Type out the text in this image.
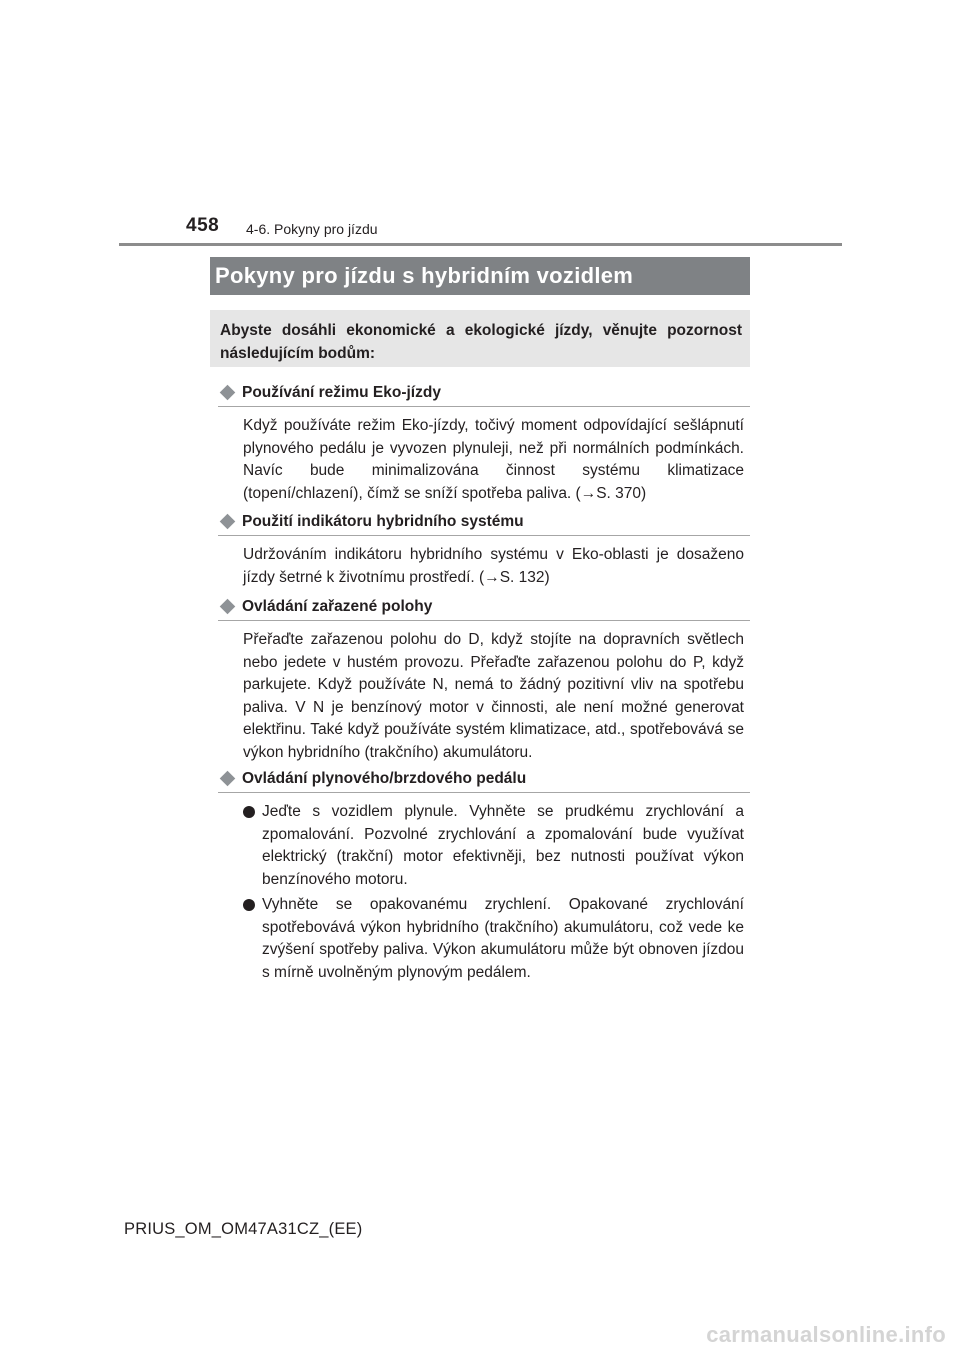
458 4-6. Pokyny pro jízdu
Pokyny pro jízdu s hybridním vozidlem

Abyste dosáhli ekonomické a ekologické jízdy, věnujte pozornost následujícím bodům:

Používání režimu Eko-jízdy

Když používáte režim Eko-jízdy, točivý moment odpovídající sešlápnutí plynového pedálu je vyvozen plynuleji, než při normálních podmínkách. Navíc bude minimalizována činnost systému klimatizace (topení/chlazení), čímž se sníží spotřeba paliva. (→S. 370)

Použití indikátoru hybridního systému

Udržováním indikátoru hybridního systému v Eko-oblasti je dosaženo jízdy šetrné k životnímu prostředí. (→S. 132)

Ovládání zařazené polohy

Přeřaďte zařazenou polohu do D, když stojíte na dopravních světlech nebo jedete v hustém provozu. Přeřaďte zařazenou polohu do P, když parkujete. Když používáte N, nemá to žádný pozitivní vliv na spotřebu paliva. V N je benzínový motor v činnosti, ale není možné generovat elektřinu. Také když používáte systém klimatizace, atd., spotřebovává se výkon hybridního (trakčního) akumulátoru.

Ovládání plynového/brzdového pedálu
Jeďte s vozidlem plynule. Vyhněte se prudkému zrychlování a zpomalování. Pozvolné zrychlování a zpomalování bude využívat elektrický (trakční) motor efektivněji, bez nutnosti používat výkon benzínového motoru.
Vyhněte se opakovanému zrychlení. Opakované zrychlování spotřebovává výkon hybridního (trakčního) akumulátoru, což vede ke zvýšení spotřeby paliva. Výkon akumulátoru může být obnoven jízdou s mírně uvolněným plynovým pedálem.
PRIUS_OM_OM47A31CZ_(EE)
carmanualsonline.info
